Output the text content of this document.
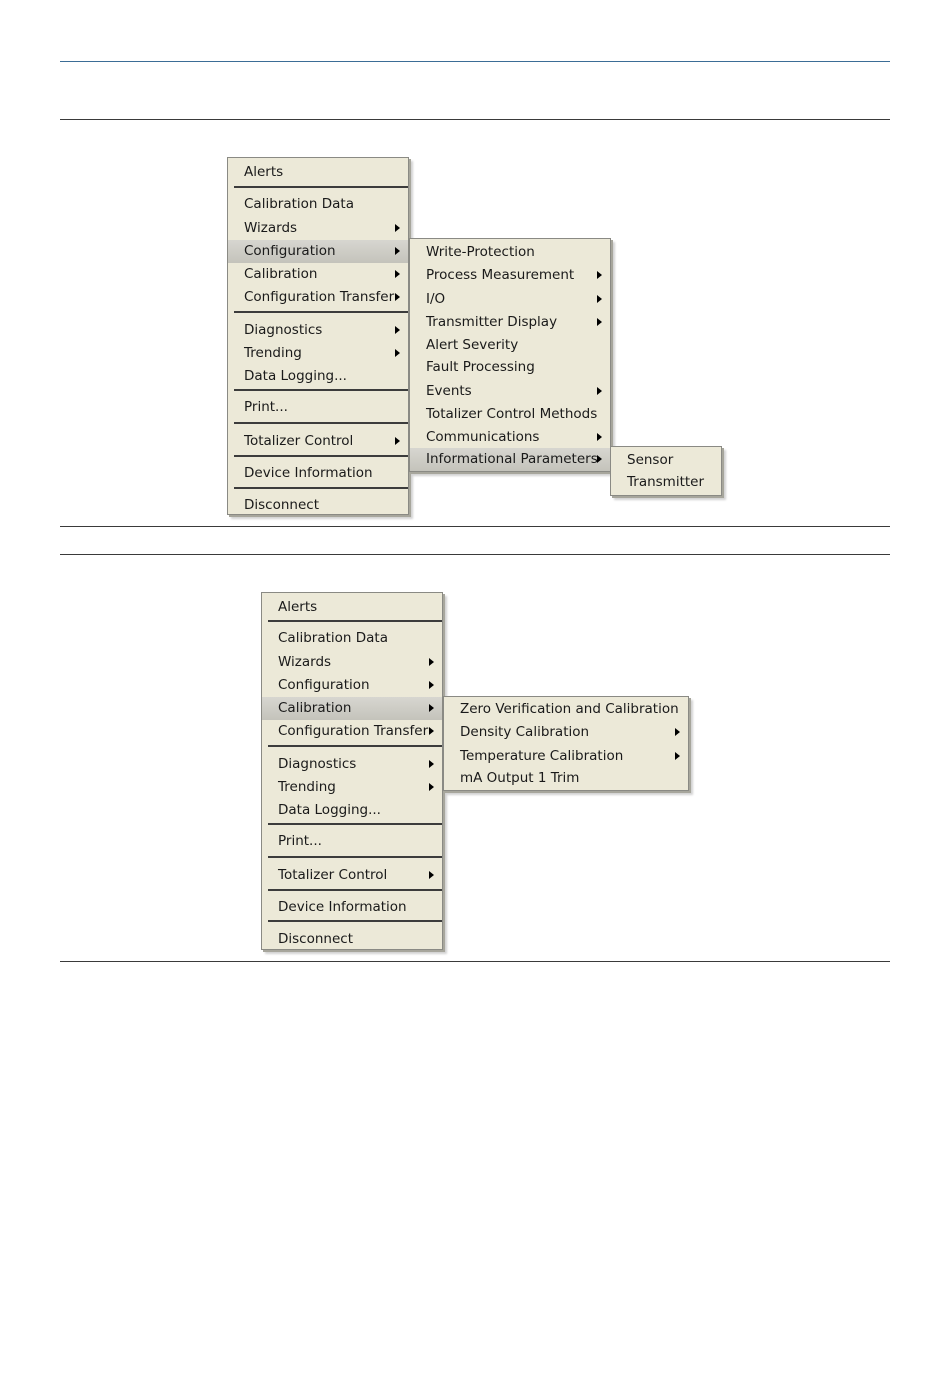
Alerts
Calibration Data
Wizards
Configuration
Calibration
Configuration Transfer
Diagnostics
Trending
Data Logging...
Print...
Totalizer Control
Device Information
Disconnect
Write-Protection
Process Measurement
I/O
Transmitter Display
Alert Severity
Fault Processing
Events
Totalizer Control Methods
Communications
Informational Parameters	Sensor
Transmitter
Alerts
Calibration Data
Wizards
Configuration
Calibration
Configuration Transfer
Diagnostics
Trending
Data Logging...
Print...
Totalizer Control
Device Information
Disconnect
Zero Verification and Calibration
Density Calibration
Temperature Calibration
mA Output 1 Trim
